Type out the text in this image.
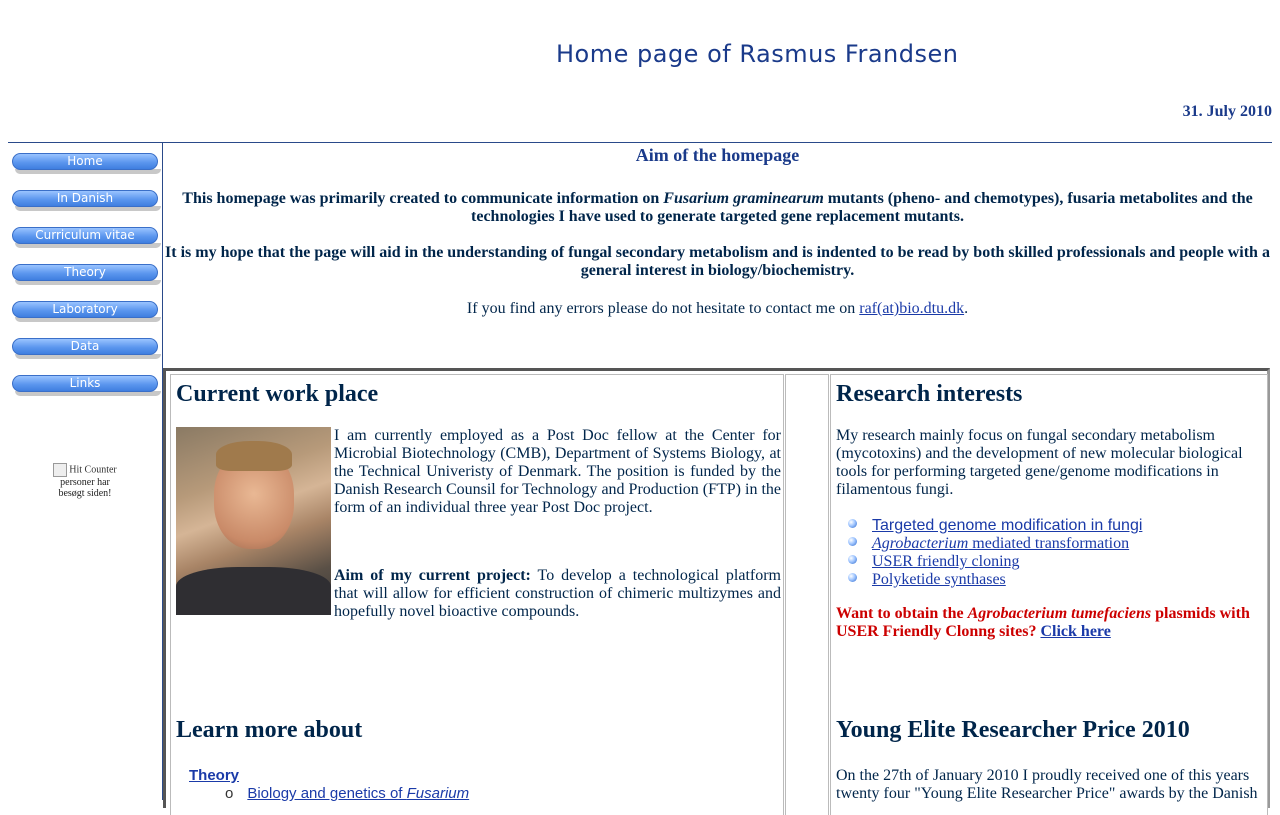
Home page of Rasmus Frandsen
31. July 2010
Home
In Danish
Curriculum vitae
Theory
Laboratory
Data
Links
Hit Counter
personer har
besøgt siden!
Aim of the homepage

This homepage was primarily created to communicate information on Fusarium graminearum mutants (pheno- and chemotypes), fusaria metabolites and the technologies I have used to generate targeted gene replacement mutants.

It is my hope that the page will aid in the understanding of fungal secondary metabolism and is indented to be read by both skilled professionals and people with a general interest in biology/biochemistry.

If you find any errors please do not hesitate to contact me on raf(at)bio.dtu.dk.

Current work place
I am currently employed as a Post Doc fellow at the Center for Microbial Biotechnology (CMB), Department of Systems Biology, at the Technical Univeristy of Denmark. The position is funded by the Danish Research Counsil for Technology and Production (FTP) in the form of an individual three year Post Doc project.
Aim of my current project: To develop a technological platform that will allow for efficient construction of chimeric multizymes and hopefully novel bioactive compounds.
Learn more about
Theory
o Biology and genetics of Fusarium
Research interests
My research mainly focus on fungal secondary metabolism (mycotoxins) and the development of new molecular biological tools for performing targeted gene/genome modifications in filamentous fungi.
Targeted genome modification in fungi
Agrobacterium mediated transformation
USER friendly cloning
Polyketide synthases
Want to obtain the Agrobacterium tumefaciens plasmids with USER Friendly Clonng sites? Click here
Young Elite Researcher Price 2010
On the 27th of January 2010 I proudly received one of this years twenty four "Young Elite Researcher Price" awards by the Danish
